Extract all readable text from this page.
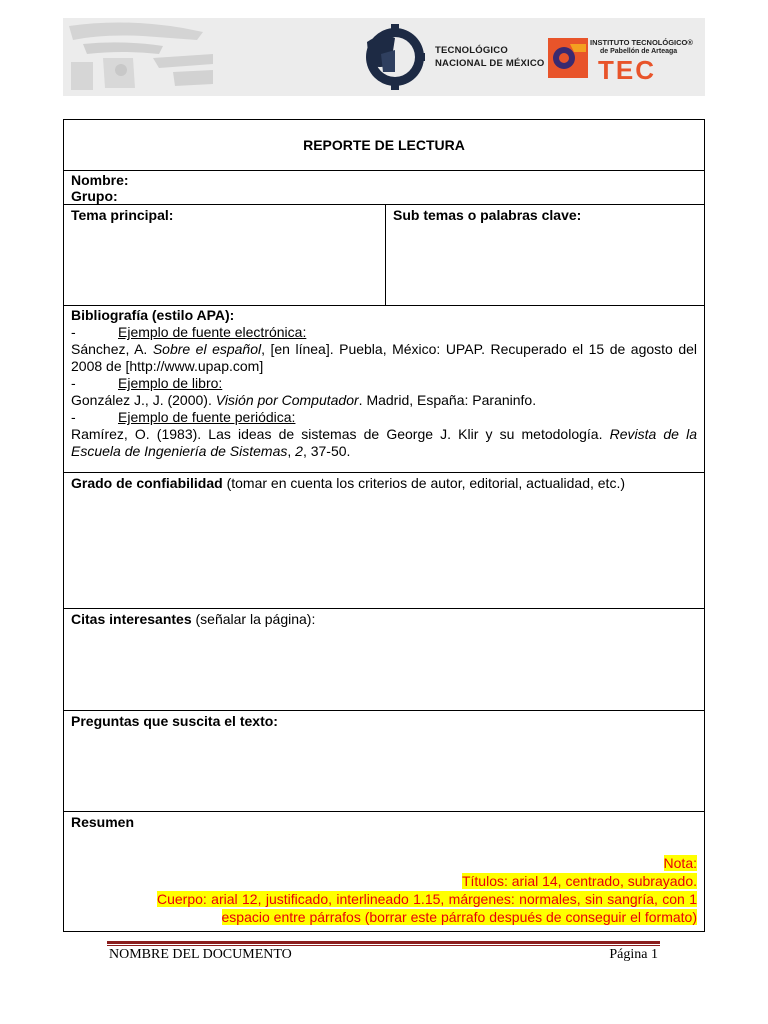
TECNOLÓGICO
NACIONAL DE MÉXICO
INSTITUTO TECNOLÓGICO®
de Pabellón de Arteaga
TEC
REPORTE DE LECTURA
Nombre:
Grupo:
Tema principal:	Sub temas o palabras clave:
Bibliografía (estilo APA):
-	Ejemplo de fuente electrónica:
Sánchez, A. Sobre el español, [en línea]. Puebla, México: UPAP. Recuperado el 15 de agosto del 2008 de [http://www.upap.com]
-	Ejemplo de libro:
González J., J. (2000). Visión por Computador. Madrid, España: Paraninfo.
-	Ejemplo de fuente periódica:
Ramírez, O. (1983). Las ideas de sistemas de George J. Klir y su metodología. Revista de la Escuela de Ingeniería de Sistemas, 2, 37-50.
Grado de confiabilidad (tomar en cuenta los criterios de autor, editorial, actualidad, etc.)
Citas interesantes (señalar la página):
Preguntas que suscita el texto:
Resumen
Nota:
Títulos: arial 14, centrado, subrayado.
Cuerpo: arial 12, justificado, interlineado 1.15, márgenes: normales, sin sangría, con 1 espacio entre párrafos (borrar este párrafo después de conseguir el formato)
NOMBRE DEL DOCUMENTO	Página 1
